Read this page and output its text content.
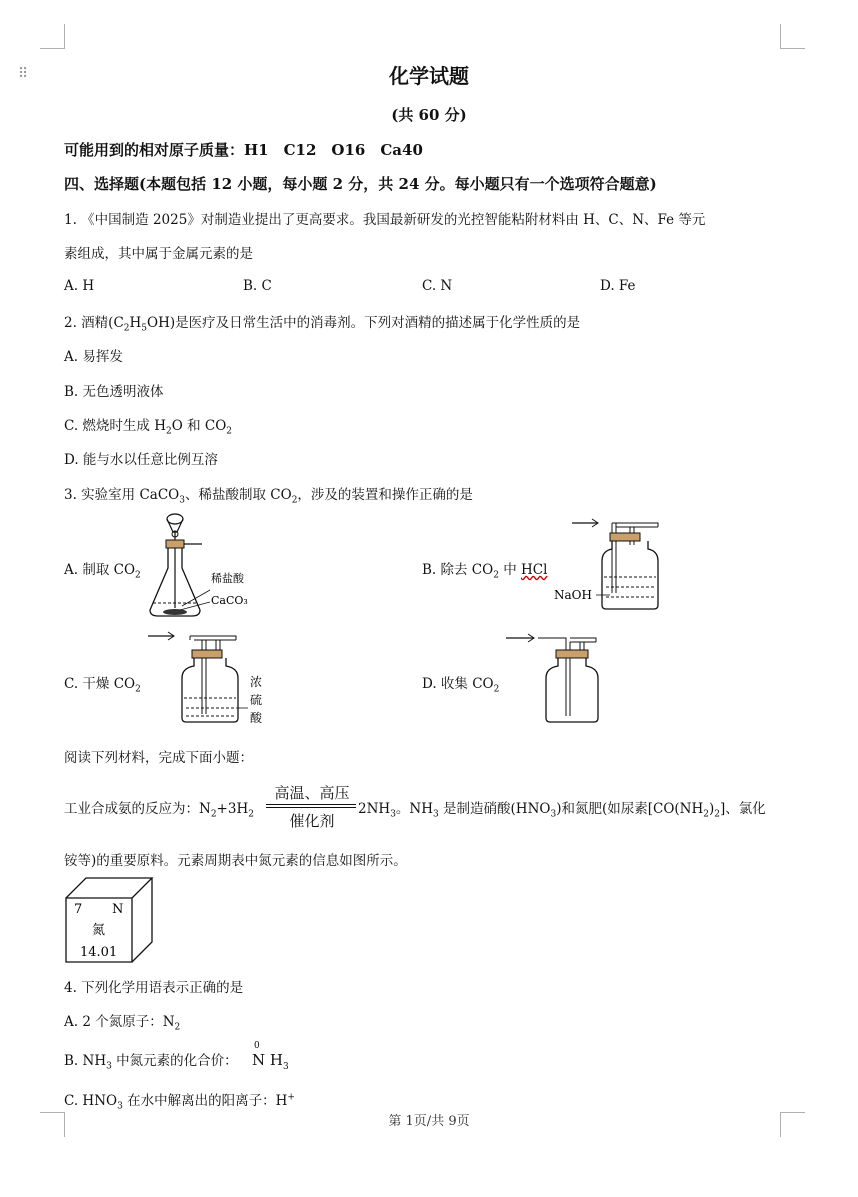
⠿	化学试题
(共 60 分)
可能用到的相对原子质量：H1　C12　O16　Ca40
四、选择题(本题包括 12 小题，每小题 2 分，共 24 分。每小题只有一个选项符合题意)
1. 《中国制造 2025》对制造业提出了更高要求。我国最新研发的光控智能粘附材料由 H、C、N、Fe 等元
素组成，其中属于金属元素的是
A. H	B. C	C. N	D. Fe
2. 酒精$(C_2H_5OH)$是医疗及日常生活中的消毒剂。下列对酒精的描述属于化学性质的是
A. 易挥发
B. 无色透明液体
C. 燃烧时生成 $H_2O$ 和 $CO_2$
D. 能与水以任意比例互溶
3. 实验室用 CaCO$_3$、稀盐酸制取 $CO_2$，涉及的装置和操作正确的是
A. 制取 $CO_2$	稀盐酸
CaCO₃
B. 除去 $CO_2$ 中 HCl
NaOH
C. 干燥 $CO_2$
浓
硫
酸
D. 收集 $CO_2$
阅读下列材料，完成下面小题：
工业合成氨的反应为：$N_2+3H_2$
高温、高压
催化剂
$2NH_3$。$NH_3$ 是制造硝酸$(HNO_3)$和氮肥(如尿素$[CO(NH_2)_2]$、氯化
铵等)的重要原料。元素周期表中氮元素的信息如图所示。
7 N
氮
14.01
4. 下列化学用语表示正确的是
A. 2 个氮原子：$N_2$
B. $NH_3$ 中氮元素的化合价：
0
N $H_3$
C. $HNO_3$ 在水中解离出的阳离子：H+
第 1页/共 9页
